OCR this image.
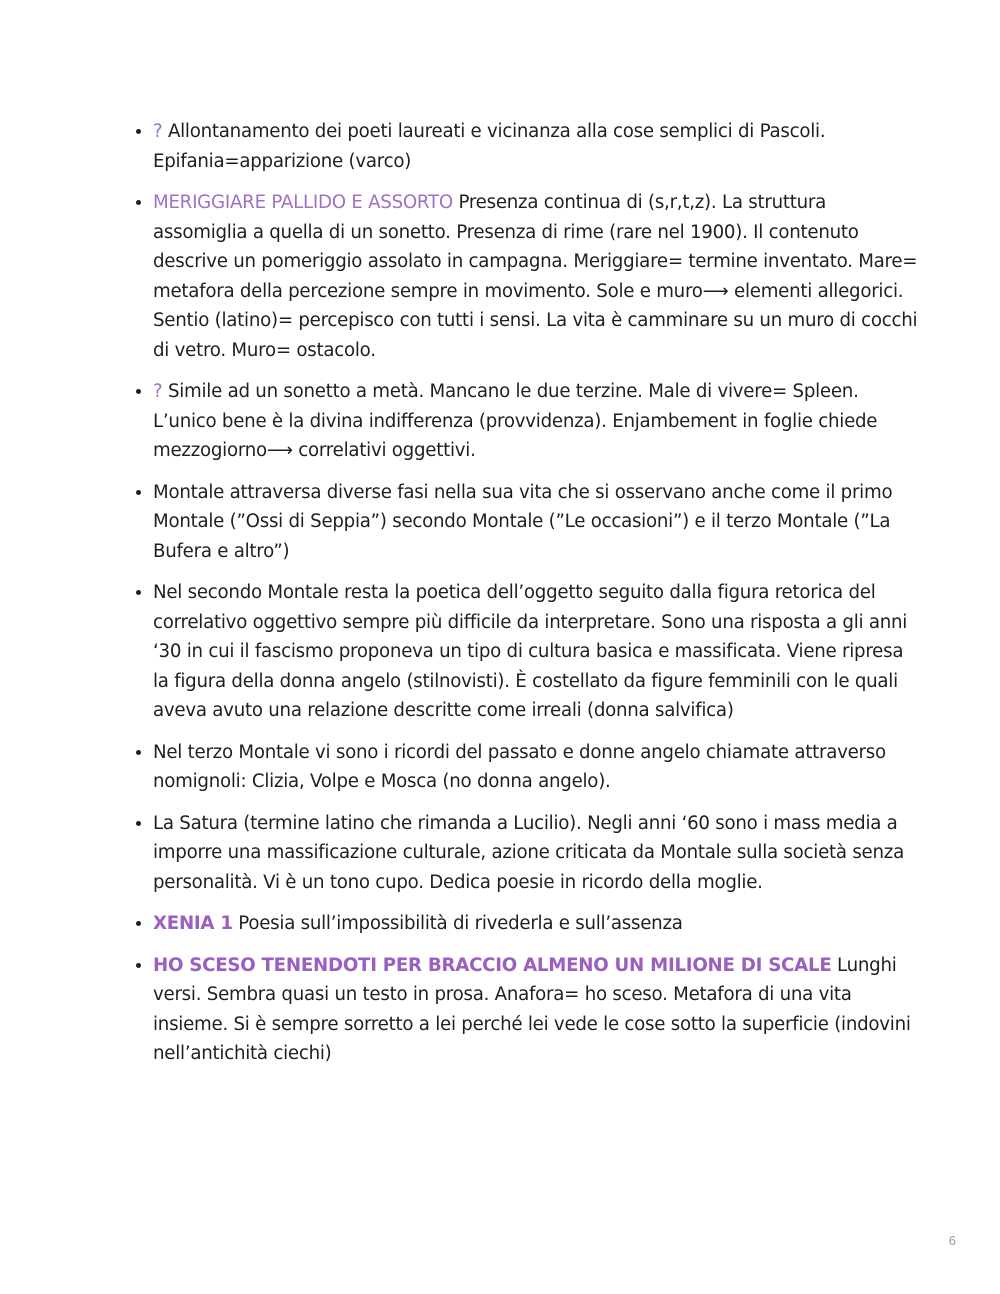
• ? Allontanamento dei poeti laureati e vicinanza alla cose semplici di Pascoli. Epifania=apparizione (varco)
• MERIGGIARE PALLIDO E ASSORTO Presenza continua di (s,r,t,z). La struttura assomiglia a quella di un sonetto. Presenza di rime (rare nel 1900). Il contenuto descrive un pomeriggio assolato in campagna. Meriggiare= termine inventato. Mare= metafora della percezione sempre in movimento. Sole e muro⟶ elementi allegorici. Sentio (latino)= percepisco con tutti i sensi. La vita è camminare su un muro di cocchi di vetro. Muro= ostacolo.
• ? Simile ad un sonetto a metà. Mancano le due terzine. Male di vivere= Spleen. L’unico bene è la divina indifferenza (provvidenza). Enjambement in foglie chiede mezzogiorno⟶ correlativi oggettivi.
• Montale attraversa diverse fasi nella sua vita che si osservano anche come il primo Montale (”Ossi di Seppia”) secondo Montale (”Le occasioni”) e il terzo Montale (”La Bufera e altro”)
• Nel secondo Montale resta la poetica dell’oggetto seguito dalla figura retorica del correlativo oggettivo sempre più difficile da interpretare. Sono una risposta a gli anni ‘30 in cui il fascismo proponeva un tipo di cultura basica e massificata. Viene ripresa la figura della donna angelo (stilnovisti). È costellato da figure femminili con le quali aveva avuto una relazione descritte come irreali (donna salvifica)
• Nel terzo Montale vi sono i ricordi del passato e donne angelo chiamate attraverso nomignoli: Clizia, Volpe e Mosca (no donna angelo).
• La Satura (termine latino che rimanda a Lucilio). Negli anni ‘60 sono i mass media a imporre una massificazione culturale, azione criticata da Montale sulla società senza personalità. Vi è un tono cupo. Dedica poesie in ricordo della moglie.
• XENIA 1 Poesia sull’impossibilità di rivederla e sull’assenza
• HO SCESO TENENDOTI PER BRACCIO ALMENO UN MILIONE DI SCALE Lunghi versi. Sembra quasi un testo in prosa. Anafora= ho sceso. Metafora di una vita insieme. Si è sempre sorretto a lei perché lei vede le cose sotto la superficie (indovini nell’antichità ciechi)
6
